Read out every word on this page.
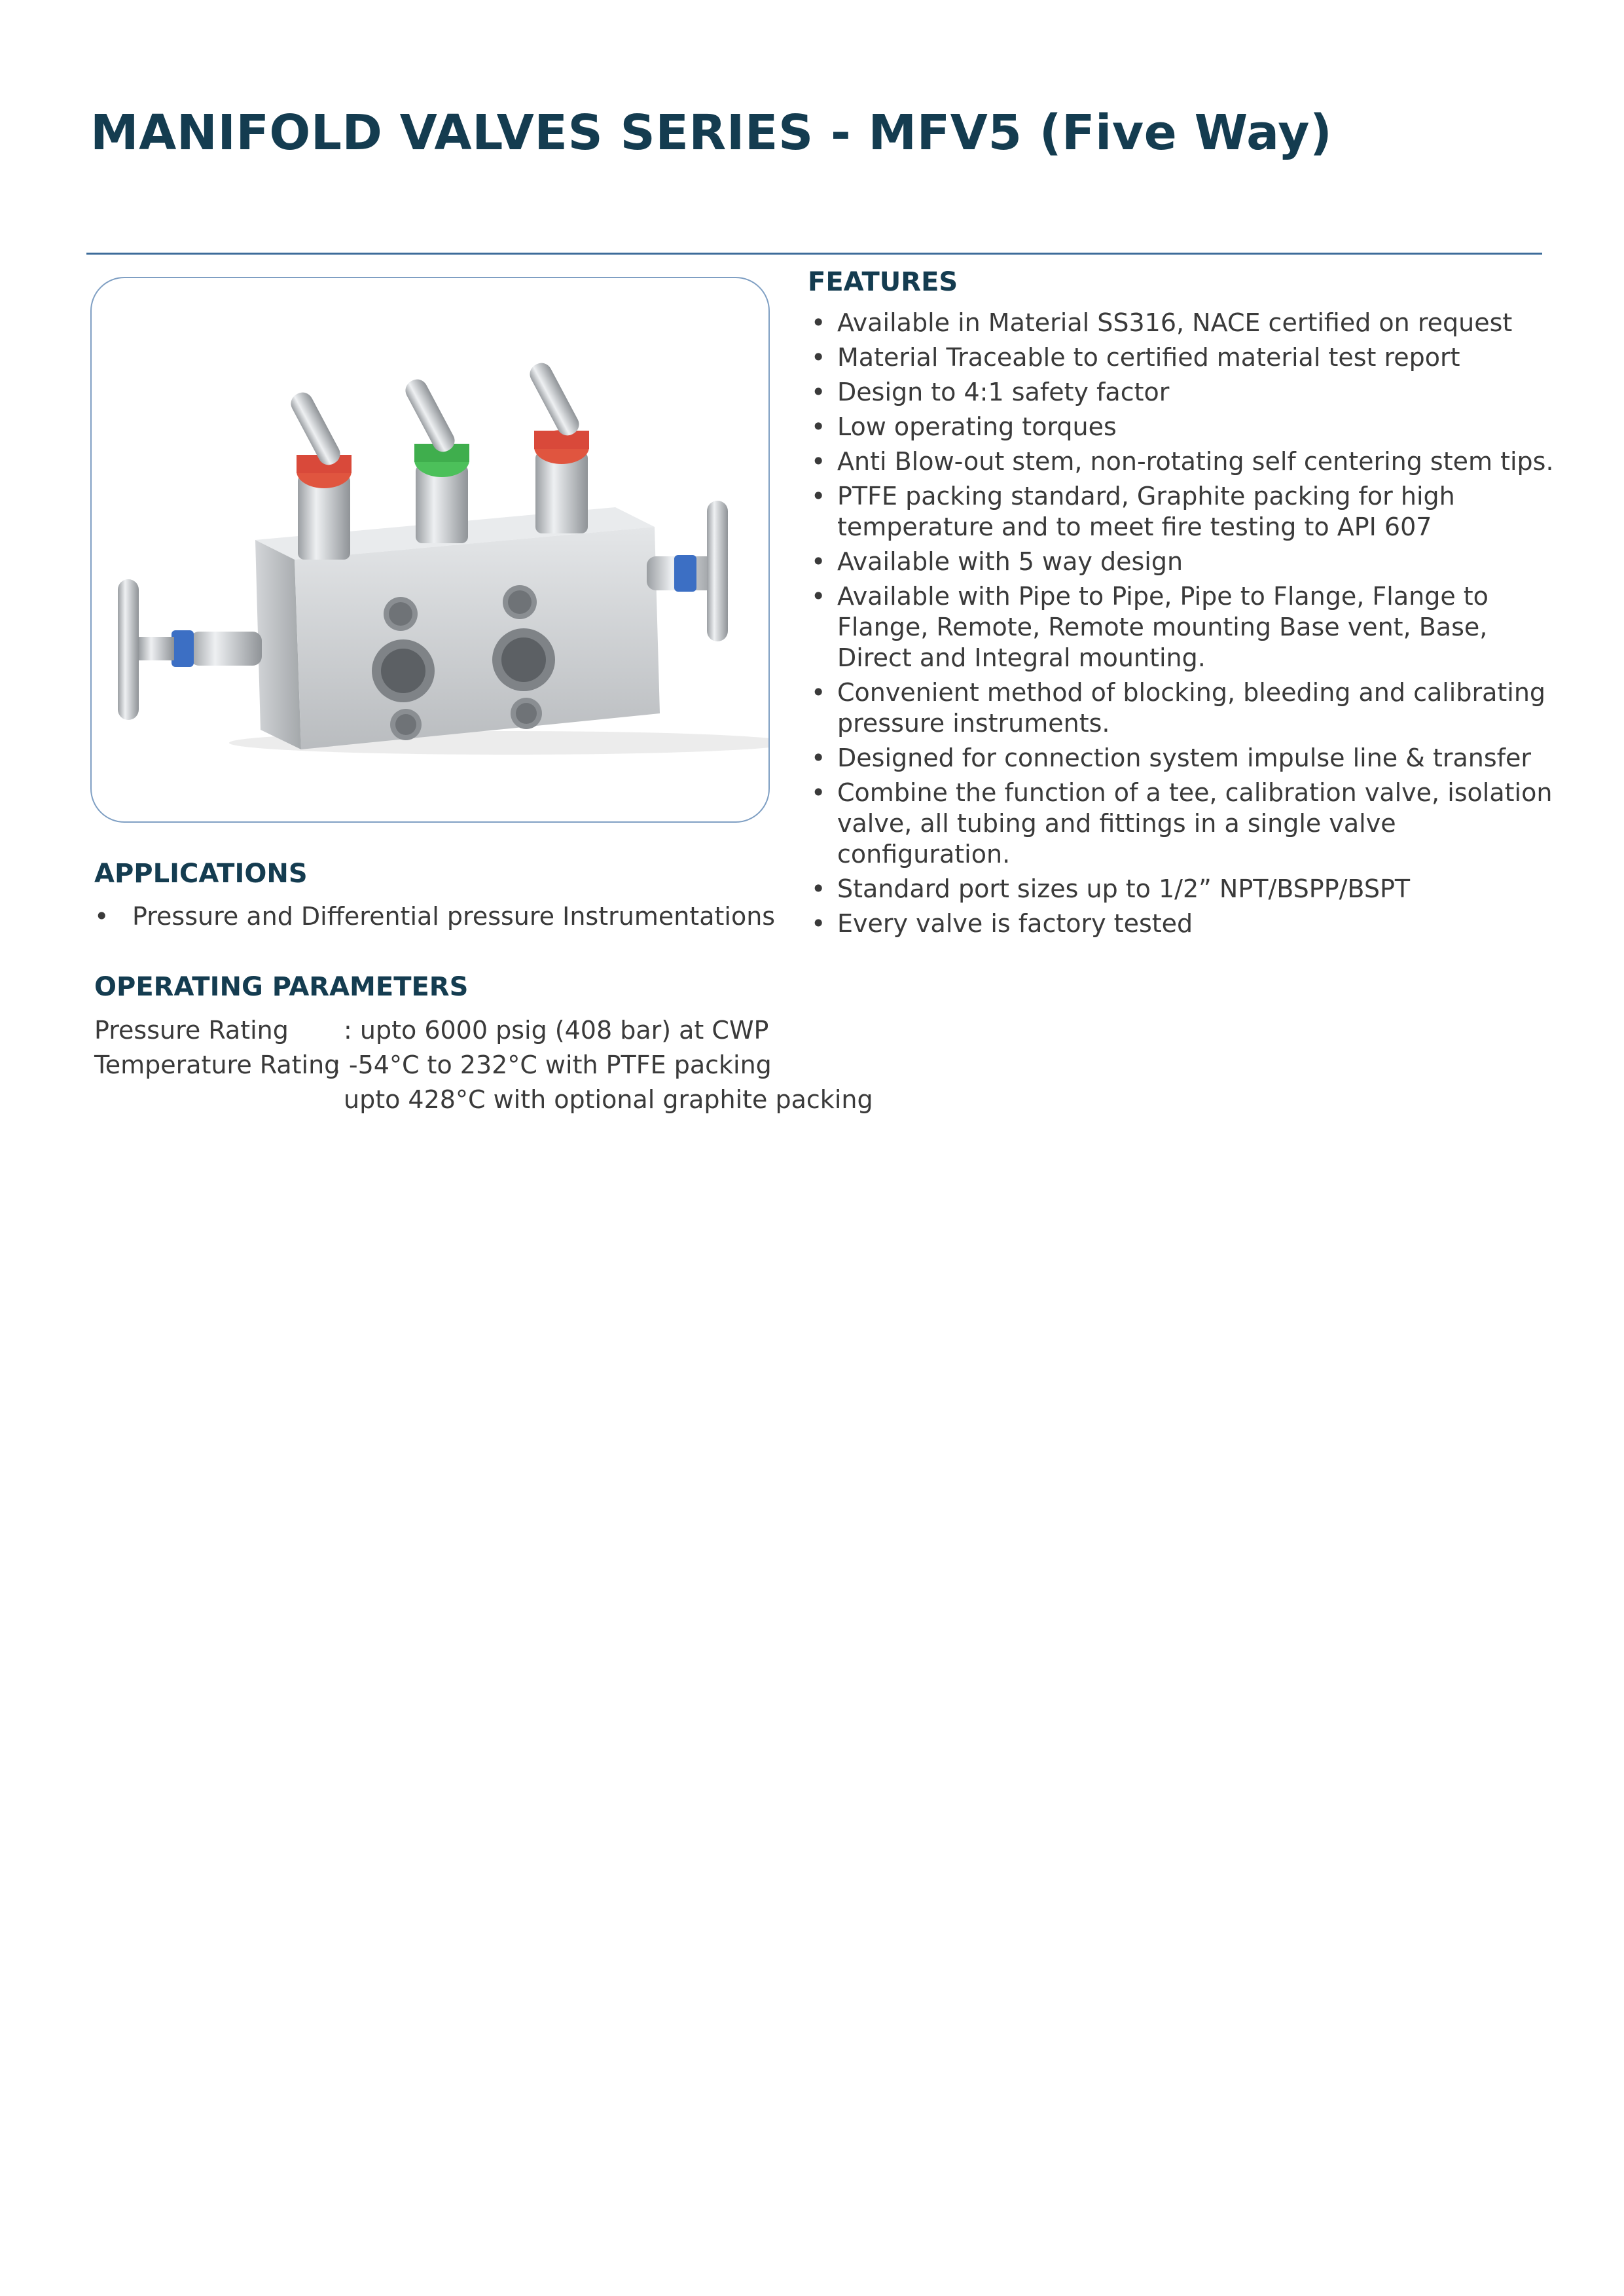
MANIFOLD VALVES SERIES - MFV5 (Five Way)
FEATURES
• Available in Material SS316, NACE certified on request
• Material Traceable to certified material test report
• Design to 4:1 safety factor
• Low operating torques
• Anti Blow-out stem, non-rotating self centering stem tips.
• PTFE packing standard, Graphite packing for high temperature and to meet fire testing to API 607
• Available with 5 way design
• Available with Pipe to Pipe, Pipe to Flange, Flange to Flange, Remote, Remote mounting Base vent, Base, Direct and Integral mounting.
• Convenient method of blocking, bleeding and calibrating pressure instruments.
• Designed for connection system impulse line & transfer
• Combine the function of a tee, calibration valve, isolation valve, all tubing and fittings in a single valve configuration.
• Standard port sizes up to 1/2” NPT/BSPP/BSPT
• Every valve is factory tested
APPLICATIONS
• Pressure and Differential pressure Instrumentations
OPERATING PARAMETERS
Pressure Rating : upto 6000 psig (408 bar) at CWP
Temperature Rating
: -54°C to 232°C with PTFE packing
upto 428°C with optional graphite packing
